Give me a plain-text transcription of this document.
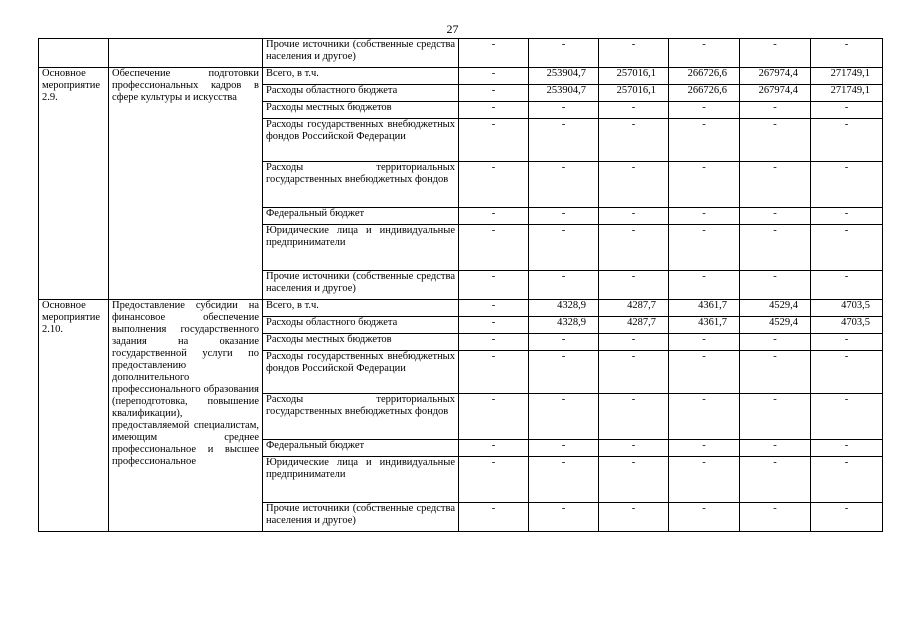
27
		Прочие источники (собственные средства населения и другое)	-	-	-	-	-	-
Основное мероприятие 2.9.	Обеспечение подготовки профессиональных кадров в сфере культуры и искусства	Всего, в т.ч.	-	253904,7	257016,1	266726,6	267974,4	271749,1
		Расходы областного бюджета	-	253904,7	257016,1	266726,6	267974,4	271749,1
		Расходы местных бюджетов	-	-	-	-	-	-
		Расходы государственных внебюджетных фондов Российской Федерации	-	-	-	-	-	-
		Расходы территориальных государственных внебюджетных фондов	-	-	-	-	-	-
		Федеральный бюджет	-	-	-	-	-	-
		Юридические лица и индивидуальные предприниматели	-	-	-	-	-	-
		Прочие источники (собственные средства населения и другое)	-	-	-	-	-	-
Основное мероприятие 2.10.	Предоставление субсидии на финансовое обеспечение выполнения государственного задания на оказание государственной услуги по предоставлению дополнительного профессионального образования (переподготовка, повышение квалификации), предоставляемой специалистам, имеющим среднее профессиональное и высшее профессиональное	Всего, в т.ч.	-	4328,9	4287,7	4361,7	4529,4	4703,5
		Расходы областного бюджета	-	4328,9	4287,7	4361,7	4529,4	4703,5
		Расходы местных бюджетов	-	-	-	-	-	-
		Расходы государственных внебюджетных фондов Российской Федерации	-	-	-	-	-	-
		Расходы территориальных государственных внебюджетных фондов	-	-	-	-	-	-
		Федеральный бюджет	-	-	-	-	-	-
		Юридические лица и индивидуальные предприниматели	-	-	-	-	-	-
		Прочие источники (собственные средства населения и другое)	-	-	-	-	-	-
